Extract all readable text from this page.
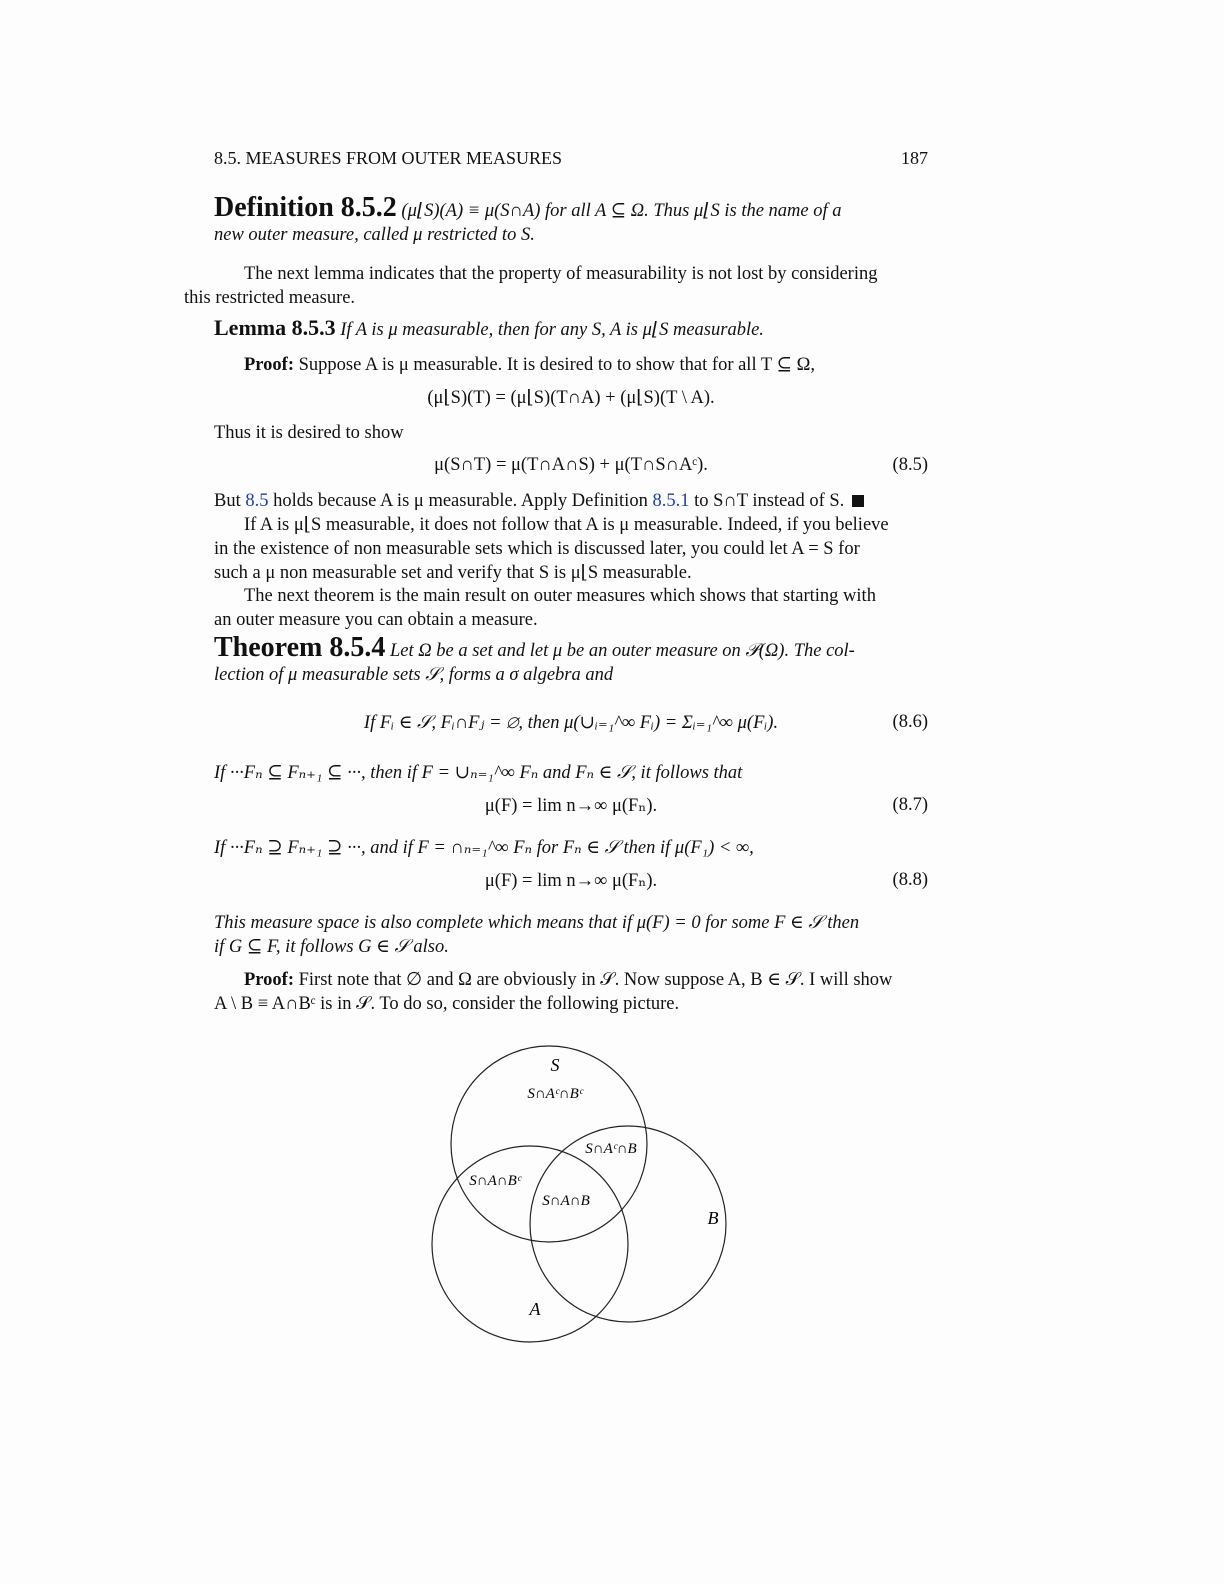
8.5. MEASURES FROM OUTER MEASURES	187
Definition 8.5.2 (μ⌊S)(A) ≡ μ(S∩A) for all A ⊆ Ω. Thus μ⌊S is the name of a
new outer measure, called μ restricted to S.
The next lemma indicates that the property of measurability is not lost by considering
this restricted measure.
Lemma 8.5.3 If A is μ measurable, then for any S, A is μ⌊S measurable.
Proof: Suppose A is μ measurable. It is desired to to show that for all T ⊆ Ω,
(μ⌊S)(T) = (μ⌊S)(T∩A) + (μ⌊S)(T \ A).
Thus it is desired to show
μ(S∩T) = μ(T∩A∩S) + μ(T∩S∩Aᶜ).	(8.5)
But 8.5 holds because A is μ measurable. Apply Definition 8.5.1 to S∩T instead of S.
If A is μ⌊S measurable, it does not follow that A is μ measurable. Indeed, if you believe
in the existence of non measurable sets which is discussed later, you could let A = S for
such a μ non measurable set and verify that S is μ⌊S measurable.
The next theorem is the main result on outer measures which shows that starting with
an outer measure you can obtain a measure.
Theorem 8.5.4 Let Ω be a set and let μ be an outer measure on 𝒫(Ω). The col-
lection of μ measurable sets 𝒮, forms a σ algebra and
If Fᵢ ∈ 𝒮, Fᵢ∩Fⱼ = ∅, then μ(∪ᵢ₌₁^∞ Fᵢ) = Σᵢ₌₁^∞ μ(Fᵢ).	(8.6)
If ···Fₙ ⊆ Fₙ₊₁ ⊆ ···, then if F = ∪ₙ₌₁^∞ Fₙ and Fₙ ∈ 𝒮, it follows that
μ(F) = lim n→∞ μ(Fₙ).	(8.7)
If ···Fₙ ⊇ Fₙ₊₁ ⊇ ···, and if F = ∩ₙ₌₁^∞ Fₙ for Fₙ ∈ 𝒮 then if μ(F₁) < ∞,
μ(F) = lim n→∞ μ(Fₙ).	(8.8)
This measure space is also complete which means that if μ(F) = 0 for some F ∈ 𝒮 then
if G ⊆ F, it follows G ∈ 𝒮 also.
Proof: First note that ∅ and Ω are obviously in 𝒮. Now suppose A, B ∈ 𝒮. I will show
A \ B ≡ A∩Bᶜ is in 𝒮. To do so, consider the following picture.
S
A
B
S∩Aᶜ∩Bᶜ
S∩Aᶜ∩B
S∩A∩Bᶜ
S∩A∩B
